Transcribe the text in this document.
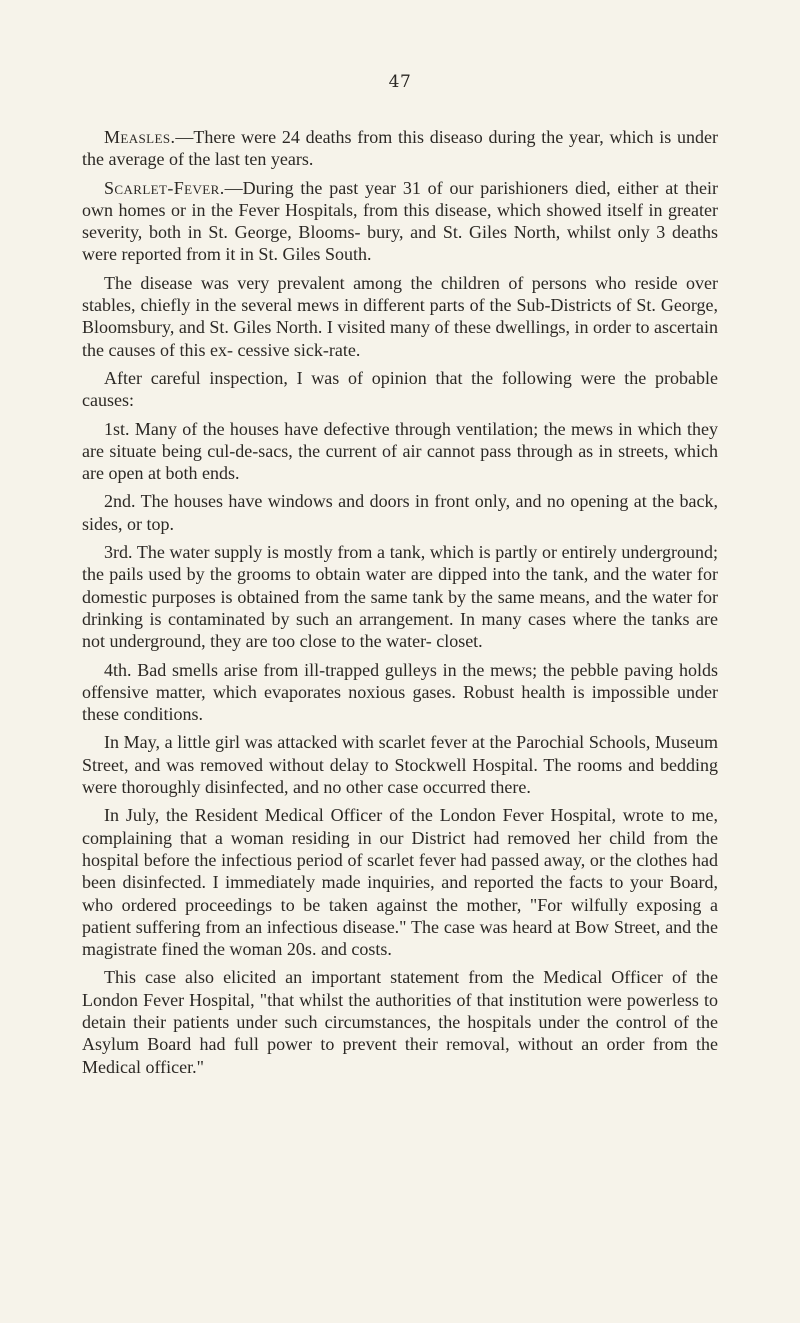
47

Measles.—There were 24 deaths from this diseaso during the year, which is under the average of the last ten years.

Scarlet-Fever.—During the past year 31 of our parishioners died, either at their own homes or in the Fever Hospitals, from this disease, which showed itself in greater severity, both in St. George, Blooms- bury, and St. Giles North, whilst only 3 deaths were reported from it in St. Giles South.

The disease was very prevalent among the children of persons who reside over stables, chiefly in the several mews in different parts of the Sub-Districts of St. George, Bloomsbury, and St. Giles North. I visited many of these dwellings, in order to ascertain the causes of this ex- cessive sick-rate.

After careful inspection, I was of opinion that the following were the probable causes:

1st. Many of the houses have defective through ventilation; the mews in which they are situate being cul-de-sacs, the current of air cannot pass through as in streets, which are open at both ends.

2nd. The houses have windows and doors in front only, and no opening at the back, sides, or top.

3rd. The water supply is mostly from a tank, which is partly or entirely underground; the pails used by the grooms to obtain water are dipped into the tank, and the water for domestic purposes is obtained from the same tank by the same means, and the water for drinking is contaminated by such an arrangement. In many cases where the tanks are not underground, they are too close to the water- closet.

4th. Bad smells arise from ill-trapped gulleys in the mews; the pebble paving holds offensive matter, which evaporates noxious gases. Robust health is impossible under these conditions.

In May, a little girl was attacked with scarlet fever at the Parochial Schools, Museum Street, and was removed without delay to Stockwell Hospital. The rooms and bedding were thoroughly disinfected, and no other case occurred there.

In July, the Resident Medical Officer of the London Fever Hospital, wrote to me, complaining that a woman residing in our District had removed her child from the hospital before the infectious period of scarlet fever had passed away, or the clothes had been disinfected. I immediately made inquiries, and reported the facts to your Board, who ordered proceedings to be taken against the mother, "For wilfully exposing a patient suffering from an infectious disease." The case was heard at Bow Street, and the magistrate fined the woman 20s. and costs.

This case also elicited an important statement from the Medical Officer of the London Fever Hospital, "that whilst the authorities of that institution were powerless to detain their patients under such circumstances, the hospitals under the control of the Asylum Board had full power to prevent their removal, without an order from the Medical officer."
